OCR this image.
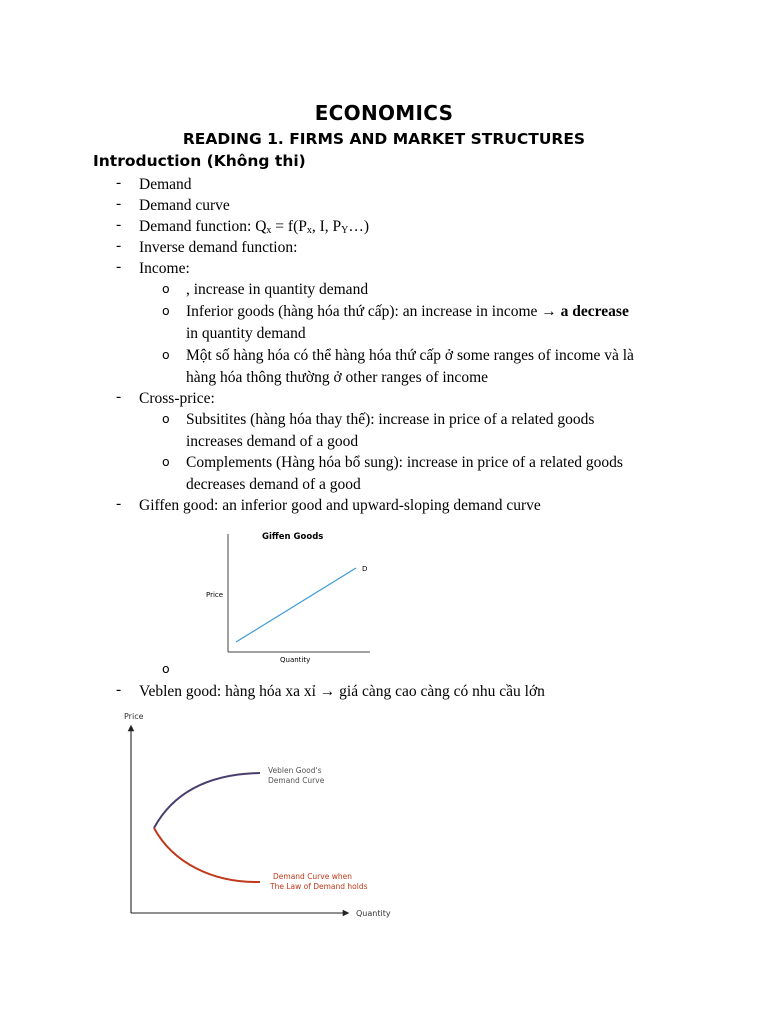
ECONOMICS
READING 1. FIRMS AND MARKET STRUCTURES
Introduction (Không thi)
- Demand
- Demand curve
- Demand function: $Q_x = f(P_x$, I, $P_Y\dots$)
- Inverse demand function:
- Income:
o , increase in quantity demand
o Inferior goods (hàng hóa thứ cấp): an increase in income → a decrease
in quantity demand
o Một số hàng hóa có thể hàng hóa thứ cấp ở some ranges of income và là
hàng hóa thông thường ở other ranges of income
- Cross-price:
o Subsitites (hàng hóa thay thế): increase in price of a related goods
increases demand of a good
o Complements (Hàng hóa bổ sung): increase in price of a related goods
decreases demand of a good
- Giffen good: an inferior good and upward-sloping demand curve
Giffen Goods
Price
Quantity
D
o
- Veblen good: hàng hóa xa xỉ → giá càng cao càng có nhu cầu lớn
Price
Quantity
Veblen Good's
Demand Curve
Demand Curve when
The Law of Demand holds
